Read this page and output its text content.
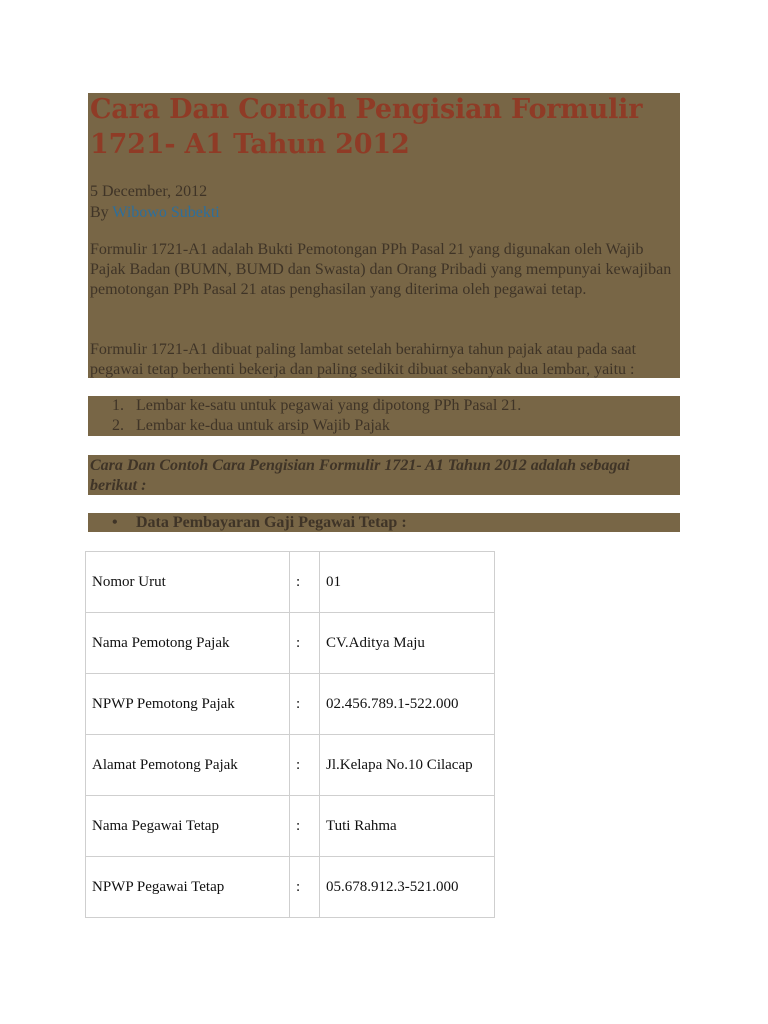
Cara Dan Contoh Pengisian Formulir 1721- A1 Tahun 2012
5 December, 2012
By Wibowo Subekti

Formulir 1721-A1 adalah Bukti Pemotongan PPh Pasal 21 yang digunakan oleh Wajib Pajak Badan (BUMN, BUMD dan Swasta) dan Orang Pribadi yang mempunyai kewajiban pemotongan PPh Pasal 21 atas penghasilan yang diterima oleh pegawai tetap.

Formulir 1721-A1 dibuat paling lambat setelah berahirnya tahun pajak atau pada saat pegawai tetap berhenti bekerja dan paling sedikit dibuat sebanyak dua lembar, yaitu :

1. Lembar ke-satu untuk pegawai yang dipotong PPh Pasal 21.
2. Lembar ke-dua untuk arsip Wajib Pajak

Cara Dan Contoh Cara Pengisian Formulir 1721- A1 Tahun 2012 adalah sebagai berikut :

• Data Pembayaran Gaji Pegawai Tetap :
Nomor Urut	:	01
Nama Pemotong Pajak	:	CV.Aditya Maju
NPWP Pemotong Pajak	:	02.456.789.1-522.000
Alamat Pemotong Pajak	:	Jl.Kelapa No.10 Cilacap
Nama Pegawai Tetap	:	Tuti Rahma
NPWP Pegawai Tetap	:	05.678.912.3-521.000
